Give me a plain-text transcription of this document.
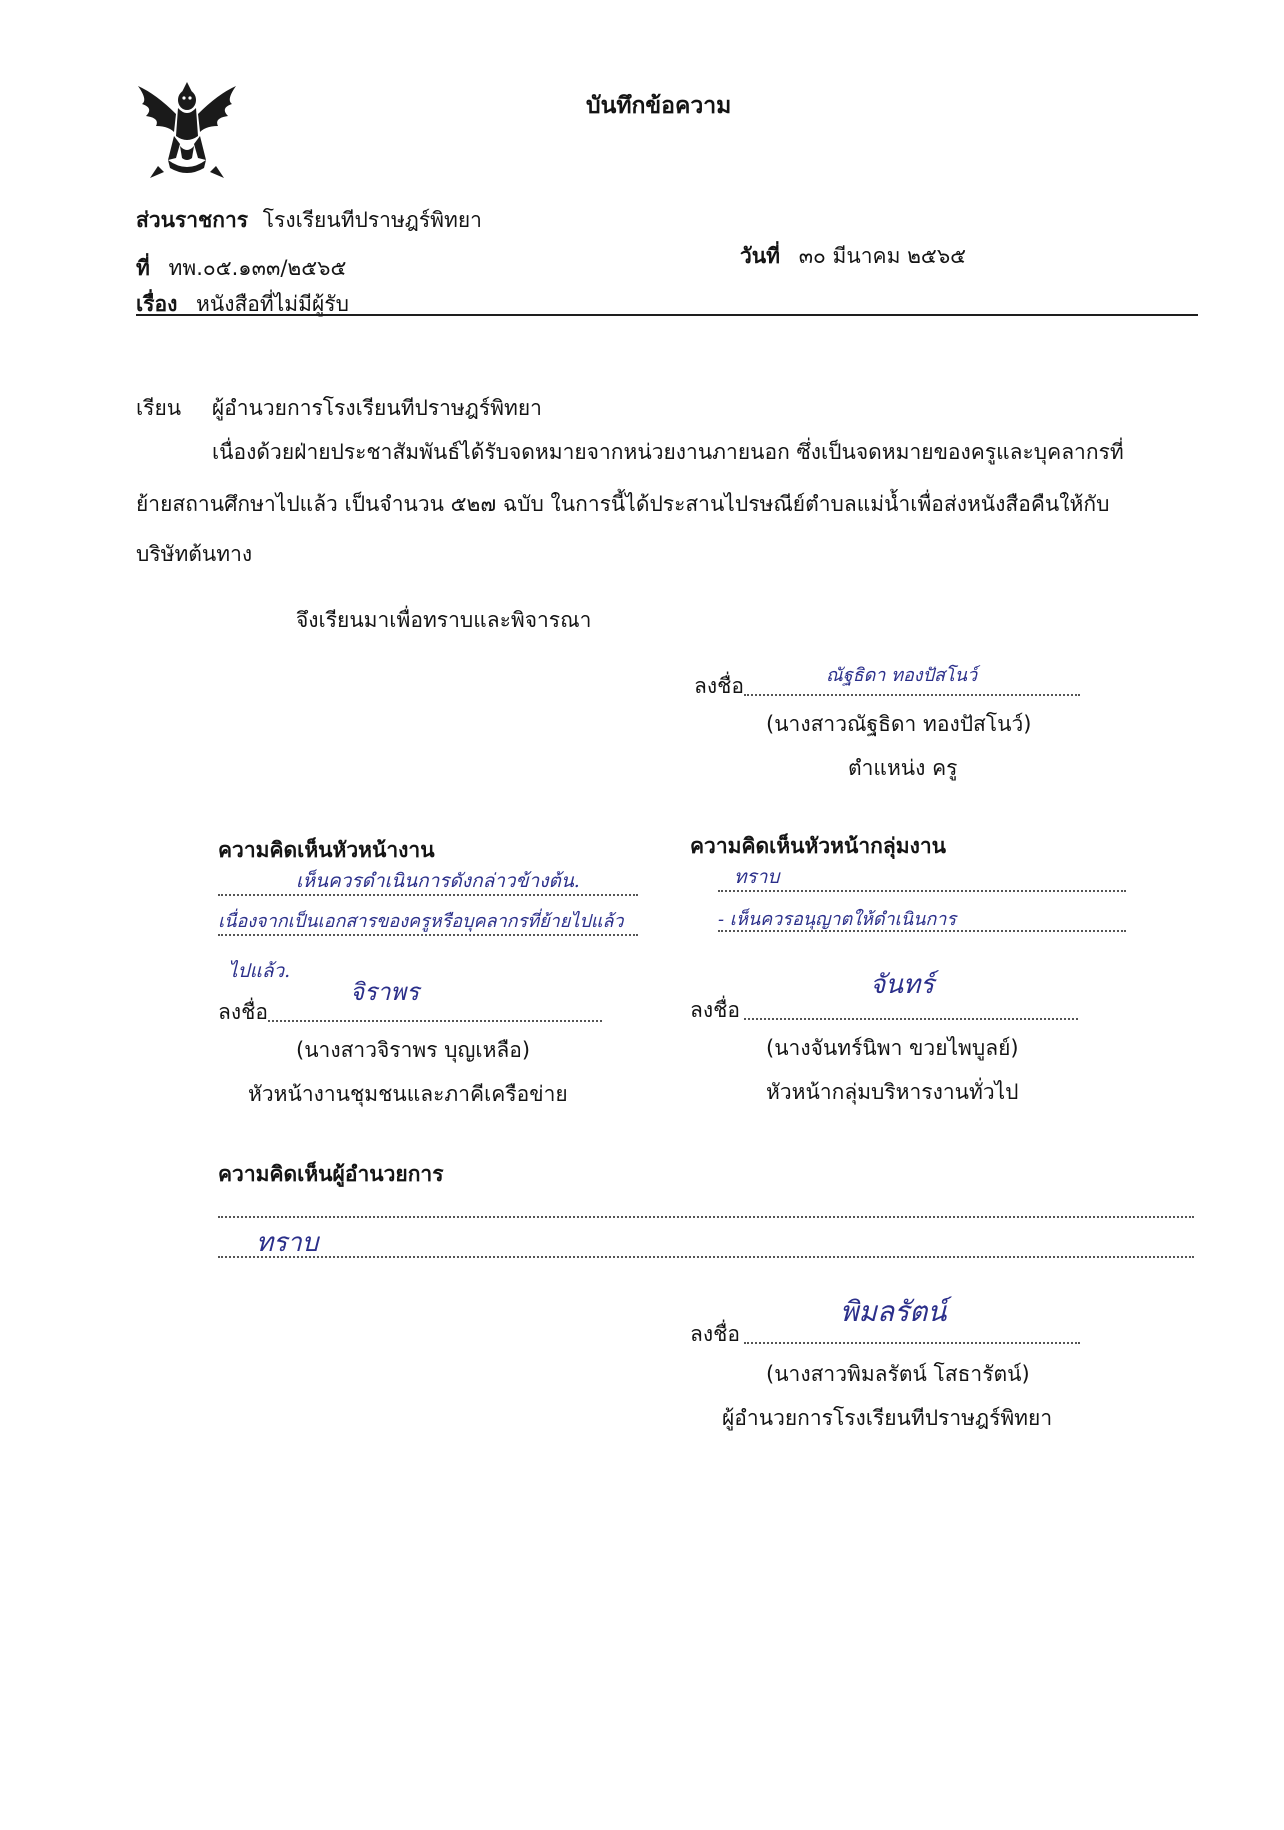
บันทึกข้อความ
ส่วนราชการ โรงเรียนทีปราษฎร์พิทยา
ที่ ทพ.๐๕.๑๓๓/๒๕๖๕	วันที่ ๓๐ มีนาคม ๒๕๖๕
เรื่อง หนังสือที่ไม่มีผู้รับ
เรียน ผู้อำนวยการโรงเรียนทีปราษฎร์พิทยา
เนื่องด้วยฝ่ายประชาสัมพันธ์ได้รับจดหมายจากหน่วยงานภายนอก ซึ่งเป็นจดหมายของครูและบุคลากรที่
ย้ายสถานศึกษาไปแล้ว เป็นจำนวน ๕๒๗ ฉบับ ในการนี้ได้ประสานไปรษณีย์ตำบลแม่น้ำเพื่อส่งหนังสือคืนให้กับ
บริษัทต้นทาง
จึงเรียนมาเพื่อทราบและพิจารณา
ลงชื่อ	ณัฐธิดา ทองปัสโนว์
(นางสาวณัฐธิดา ทองปัสโนว์)
ตำแหน่ง ครู
ความคิดเห็นหัวหน้างาน
เห็นควรดำเนินการดังกล่าวข้างต้น.
เนื่องจากเป็นเอกสารของครูหรือบุคลากรที่ย้ายไปแล้ว
ไปแล้ว.
จิราพร
ลงชื่อ
(นางสาวจิราพร บุญเหลือ)
หัวหน้างานชุมชนและภาคีเครือข่าย
ความคิดเห็นหัวหน้ากลุ่มงาน
ทราบ
- เห็นควรอนุญาตให้ดำเนินการ
จันทร์
ลงชื่อ
(นางจันทร์นิพา ขวยไพบูลย์)
หัวหน้ากลุ่มบริหารงานทั่วไป
ความคิดเห็นผู้อำนวยการ
ทราบ
พิมลรัตน์
ลงชื่อ
(นางสาวพิมลรัตน์ โสธารัตน์)
ผู้อำนวยการโรงเรียนทีปราษฎร์พิทยา
